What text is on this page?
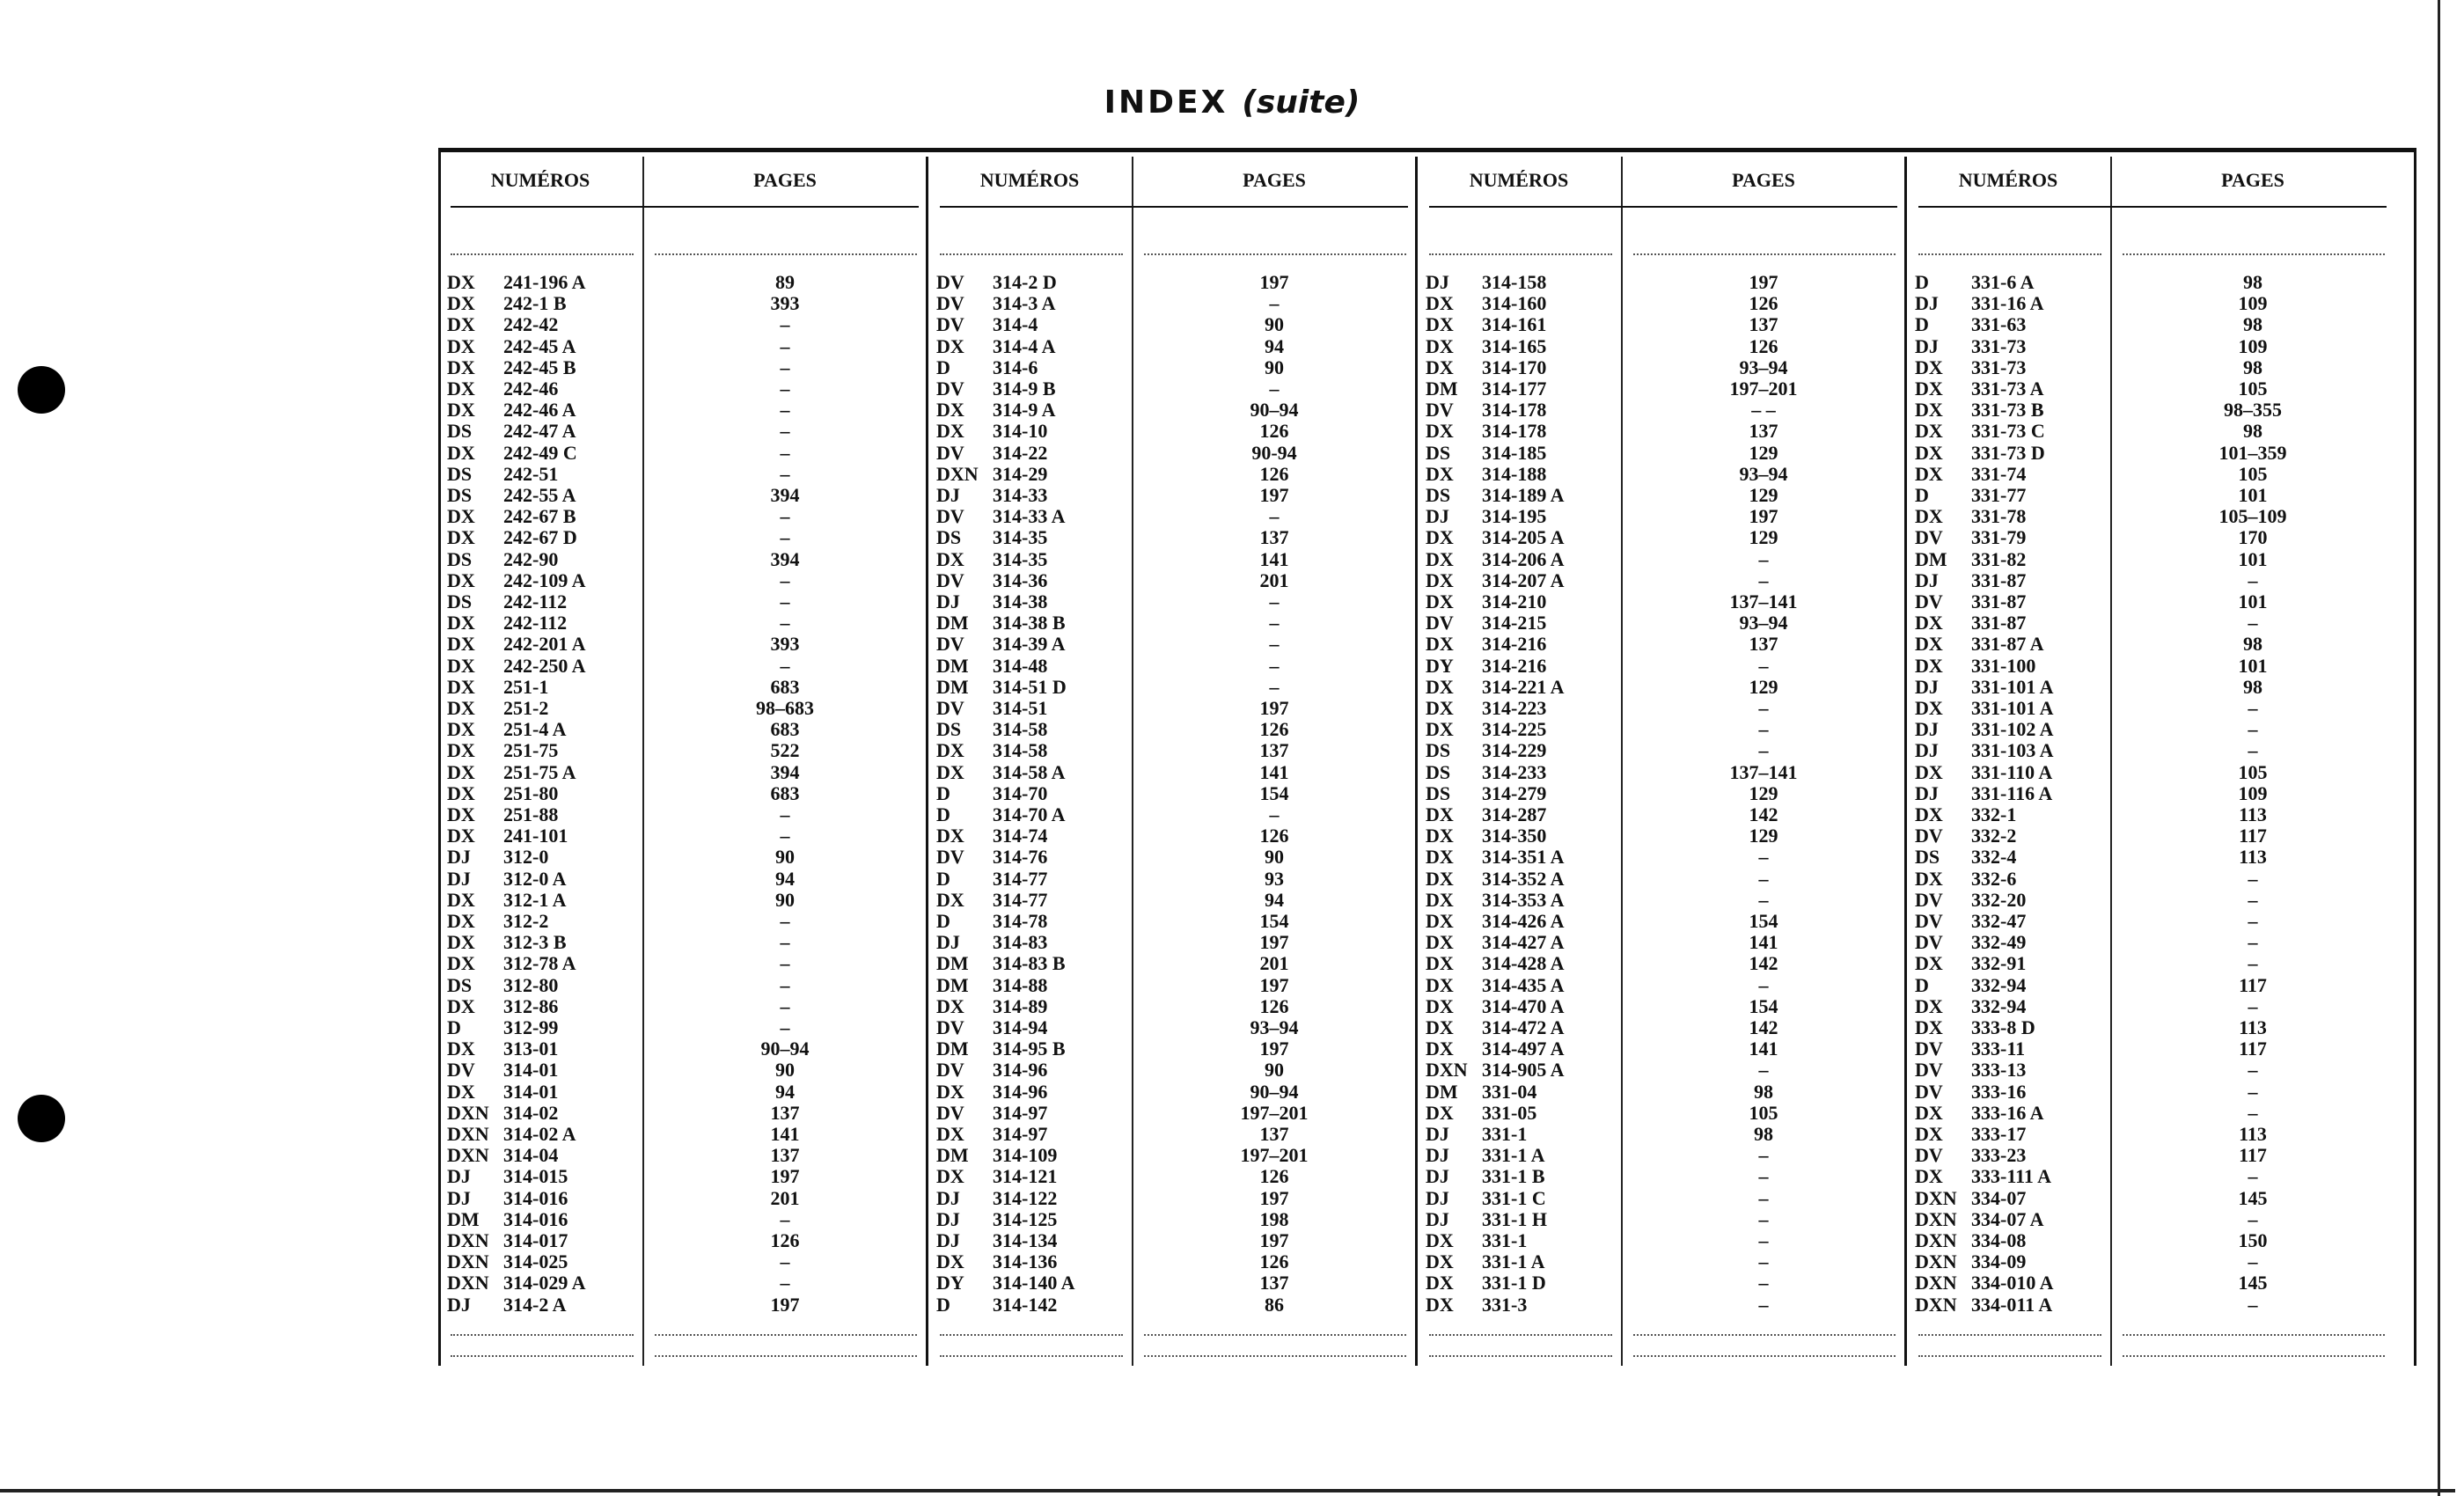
INDEX (suite)
NUMÉROS	PAGES
DX 241-196 A	89
DX 242-1 B	393
DX 242-42	–
DX 242-45 A	–
DX 242-45 B	–
DX 242-46	–
DX 242-46 A	–
DS 242-47 A	–
DX 242-49 C	–
DS 242-51	–
DS 242-55 A	394
DX 242-67 B	–
DX 242-67 D	–
DS 242-90	394
DX 242-109 A	–
DS 242-112	–
DX 242-112	–
DX 242-201 A	393
DX 242-250 A	–
DX 251-1	683
DX 251-2	98–683
DX 251-4 A	683
DX 251-75	522
DX 251-75 A	394
DX 251-80	683
DX 251-88	–
DX 241-101	–
DJ 312-0	90
DJ 312-0 A	94
DX 312-1 A	90
DX 312-2	–
DX 312-3 B	–
DX 312-78 A	–
DS 312-80	–
DX 312-86	–
D 312-99	–
DX 313-01	90–94
DV 314-01	90
DX 314-01	94
DXN 314-02	137
DXN 314-02 A	141
DXN 314-04	137
DJ 314-015	197
DJ 314-016	201
DM 314-016	–
DXN 314-017	126
DXN 314-025	–
DXN 314-029 A	–
DJ 314-2 A	197
NUMÉROS	PAGES
DV 314-2 D	197
DV 314-3 A	–
DV 314-4	90
DX 314-4 A	94
D 314-6	90
DV 314-9 B	–
DX 314-9 A	90–94
DX 314-10	126
DV 314-22	90-94
DXN 314-29	126
DJ 314-33	197
DV 314-33 A	–
DS 314-35	137
DX 314-35	141
DV 314-36	201
DJ 314-38	–
DM 314-38 B	–
DV 314-39 A	–
DM 314-48	–
DM 314-51 D	–
DV 314-51	197
DS 314-58	126
DX 314-58	137
DX 314-58 A	141
D 314-70	154
D 314-70 A	–
DX 314-74	126
DV 314-76	90
D 314-77	93
DX 314-77	94
D 314-78	154
DJ 314-83	197
DM 314-83 B	201
DM 314-88	197
DX 314-89	126
DV 314-94	93–94
DM 314-95 B	197
DV 314-96	90
DX 314-96	90–94
DV 314-97	197–201
DX 314-97	137
DM 314-109	197–201
DX 314-121	126
DJ 314-122	197
DJ 314-125	198
DJ 314-134	197
DX 314-136	126
DY 314-140 A	137
D 314-142	86
NUMÉROS	PAGES
DJ 314-158	197
DX 314-160	126
DX 314-161	137
DX 314-165	126
DX 314-170	93–94
DM 314-177	197–201
DV 314-178	– –
DX 314-178	137
DS 314-185	129
DX 314-188	93–94
DS 314-189 A	129
DJ 314-195	197
DX 314-205 A	129
DX 314-206 A	–
DX 314-207 A	–
DX 314-210	137–141
DV 314-215	93–94
DX 314-216	137
DY 314-216	–
DX 314-221 A	129
DX 314-223	–
DX 314-225	–
DS 314-229	–
DS 314-233	137–141
DS 314-279	129
DX 314-287	142
DX 314-350	129
DX 314-351 A	–
DX 314-352 A	–
DX 314-353 A	–
DX 314-426 A	154
DX 314-427 A	141
DX 314-428 A	142
DX 314-435 A	–
DX 314-470 A	154
DX 314-472 A	142
DX 314-497 A	141
DXN 314-905 A	–
DM 331-04	98
DX 331-05	105
DJ 331-1	98
DJ 331-1 A	–
DJ 331-1 B	–
DJ 331-1 C	–
DJ 331-1 H	–
DX 331-1	–
DX 331-1 A	–
DX 331-1 D	–
DX 331-3	–
NUMÉROS	PAGES
D 331-6 A	98
DJ 331-16 A	109
D 331-63	98
DJ 331-73	109
DX 331-73	98
DX 331-73 A	105
DX 331-73 B	98–355
DX 331-73 C	98
DX 331-73 D	101–359
DX 331-74	105
D 331-77	101
DX 331-78	105–109
DV 331-79	170
DM 331-82	101
DJ 331-87	–
DV 331-87	101
DX 331-87	–
DX 331-87 A	98
DX 331-100	101
DJ 331-101 A	98
DX 331-101 A	–
DJ 331-102 A	–
DJ 331-103 A	–
DX 331-110 A	105
DJ 331-116 A	109
DX 332-1	113
DV 332-2	117
DS 332-4	113
DX 332-6	–
DV 332-20	–
DV 332-47	–
DV 332-49	–
DX 332-91	–
D 332-94	117
DX 332-94	–
DX 333-8 D	113
DV 333-11	117
DV 333-13	–
DV 333-16	–
DX 333-16 A	–
DX 333-17	113
DV 333-23	117
DX 333-111 A	–
DXN 334-07	145
DXN 334-07 A	–
DXN 334-08	150
DXN 334-09	–
DXN 334-010 A	145
DXN 334-011 A	–
